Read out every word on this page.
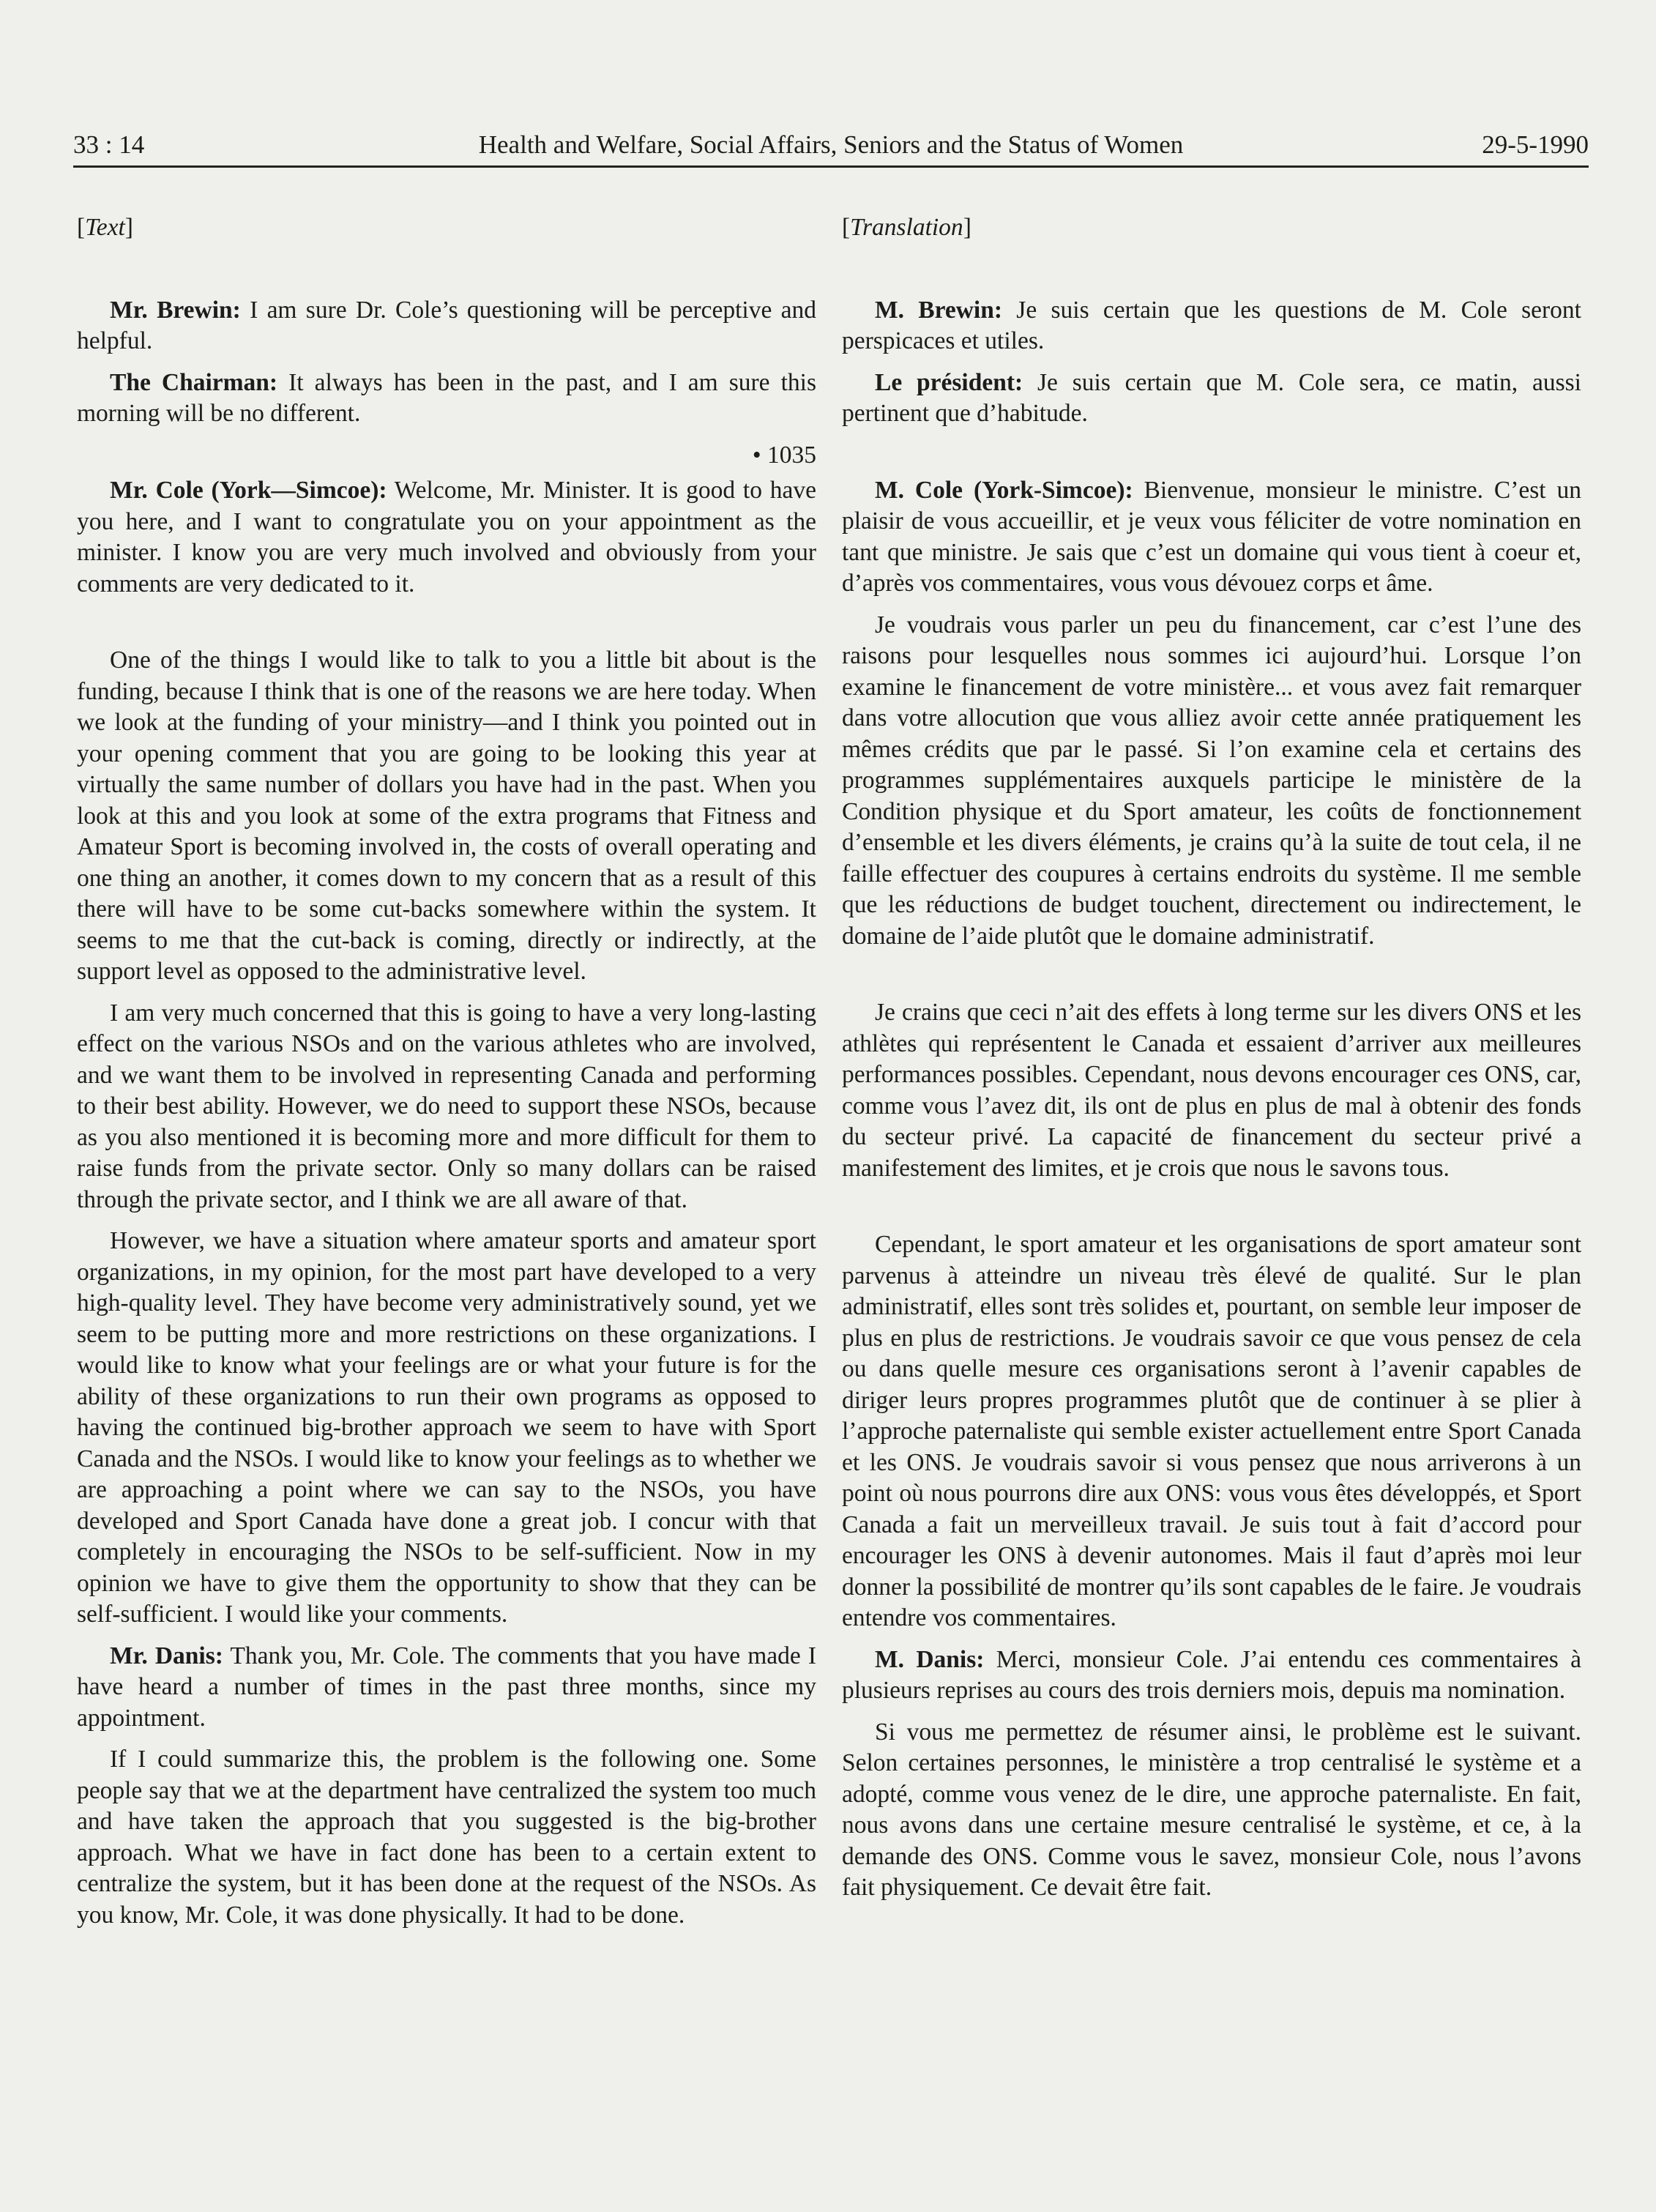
33 : 14	Health and Welfare, Social Affairs, Seniors and the Status of Women	29-5-1990
[Text]

Mr. Brewin: I am sure Dr. Cole’s questioning will be perceptive and helpful.

The Chairman: It always has been in the past, and I am sure this morning will be no different.

• 1035

Mr. Cole (York—Simcoe): Welcome, Mr. Minister. It is good to have you here, and I want to congratulate you on your appointment as the minister. I know you are very much involved and obviously from your comments are very dedicated to it.

One of the things I would like to talk to you a little bit about is the funding, because I think that is one of the reasons we are here today. When we look at the funding of your ministry—and I think you pointed out in your opening comment that you are going to be looking this year at virtually the same number of dollars you have had in the past. When you look at this and you look at some of the extra programs that Fitness and Amateur Sport is becoming involved in, the costs of overall operating and one thing an another, it comes down to my concern that as a result of this there will have to be some cut-backs somewhere within the system. It seems to me that the cut-back is coming, directly or indirectly, at the support level as opposed to the administrative level.

I am very much concerned that this is going to have a very long-lasting effect on the various NSOs and on the various athletes who are involved, and we want them to be involved in representing Canada and performing to their best ability. However, we do need to support these NSOs, because as you also mentioned it is becoming more and more difficult for them to raise funds from the private sector. Only so many dollars can be raised through the private sector, and I think we are all aware of that.

However, we have a situation where amateur sports and amateur sport organizations, in my opinion, for the most part have developed to a very high-quality level. They have become very administratively sound, yet we seem to be putting more and more restrictions on these organizations. I would like to know what your feelings are or what your future is for the ability of these organizations to run their own programs as opposed to having the continued big-brother approach we seem to have with Sport Canada and the NSOs. I would like to know your feelings as to whether we are approaching a point where we can say to the NSOs, you have developed and Sport Canada have done a great job. I concur with that completely in encouraging the NSOs to be self-sufficient. Now in my opinion we have to give them the opportunity to show that they can be self-sufficient. I would like your comments.

Mr. Danis: Thank you, Mr. Cole. The comments that you have made I have heard a number of times in the past three months, since my appointment.

If I could summarize this, the problem is the following one. Some people say that we at the department have centralized the system too much and have taken the approach that you suggested is the big-brother approach. What we have in fact done has been to a certain extent to centralize the system, but it has been done at the request of the NSOs. As you know, Mr. Cole, it was done physically. It had to be done.

[Translation]

M. Brewin: Je suis certain que les questions de M. Cole seront perspicaces et utiles.

Le président: Je suis certain que M. Cole sera, ce matin, aussi pertinent que d’habitude.

M. Cole (York-Simcoe): Bienvenue, monsieur le ministre. C’est un plaisir de vous accueillir, et je veux vous féliciter de votre nomination en tant que ministre. Je sais que c’est un domaine qui vous tient à coeur et, d’après vos commentaires, vous vous dévouez corps et âme.

Je voudrais vous parler un peu du financement, car c’est l’une des raisons pour lesquelles nous sommes ici aujourd’hui. Lorsque l’on examine le financement de votre ministère... et vous avez fait remarquer dans votre allocution que vous alliez avoir cette année pratiquement les mêmes crédits que par le passé. Si l’on examine cela et certains des programmes supplémentaires auxquels participe le ministère de la Condition physique et du Sport amateur, les coûts de fonctionnement d’ensemble et les divers éléments, je crains qu’à la suite de tout cela, il ne faille effectuer des coupures à certains endroits du système. Il me semble que les réductions de budget touchent, directement ou indirectement, le domaine de l’aide plutôt que le domaine administratif.

Je crains que ceci n’ait des effets à long terme sur les divers ONS et les athlètes qui représentent le Canada et essaient d’arriver aux meilleures performances possibles. Cependant, nous devons encourager ces ONS, car, comme vous l’avez dit, ils ont de plus en plus de mal à obtenir des fonds du secteur privé. La capacité de financement du secteur privé a manifestement des limites, et je crois que nous le savons tous.

Cependant, le sport amateur et les organisations de sport amateur sont parvenus à atteindre un niveau très élevé de qualité. Sur le plan administratif, elles sont très solides et, pourtant, on semble leur imposer de plus en plus de restrictions. Je voudrais savoir ce que vous pensez de cela ou dans quelle mesure ces organisations seront à l’avenir capables de diriger leurs propres programmes plutôt que de continuer à se plier à l’approche paternaliste qui semble exister actuellement entre Sport Canada et les ONS. Je voudrais savoir si vous pensez que nous arriverons à un point où nous pourrons dire aux ONS: vous vous êtes développés, et Sport Canada a fait un merveilleux travail. Je suis tout à fait d’accord pour encourager les ONS à devenir autonomes. Mais il faut d’après moi leur donner la possibilité de montrer qu’ils sont capables de le faire. Je voudrais entendre vos commentaires.

M. Danis: Merci, monsieur Cole. J’ai entendu ces commentaires à plusieurs reprises au cours des trois derniers mois, depuis ma nomination.

Si vous me permettez de résumer ainsi, le problème est le suivant. Selon certaines personnes, le ministère a trop centralisé le système et a adopté, comme vous venez de le dire, une approche paternaliste. En fait, nous avons dans une certaine mesure centralisé le système, et ce, à la demande des ONS. Comme vous le savez, monsieur Cole, nous l’avons fait physiquement. Ce devait être fait.
